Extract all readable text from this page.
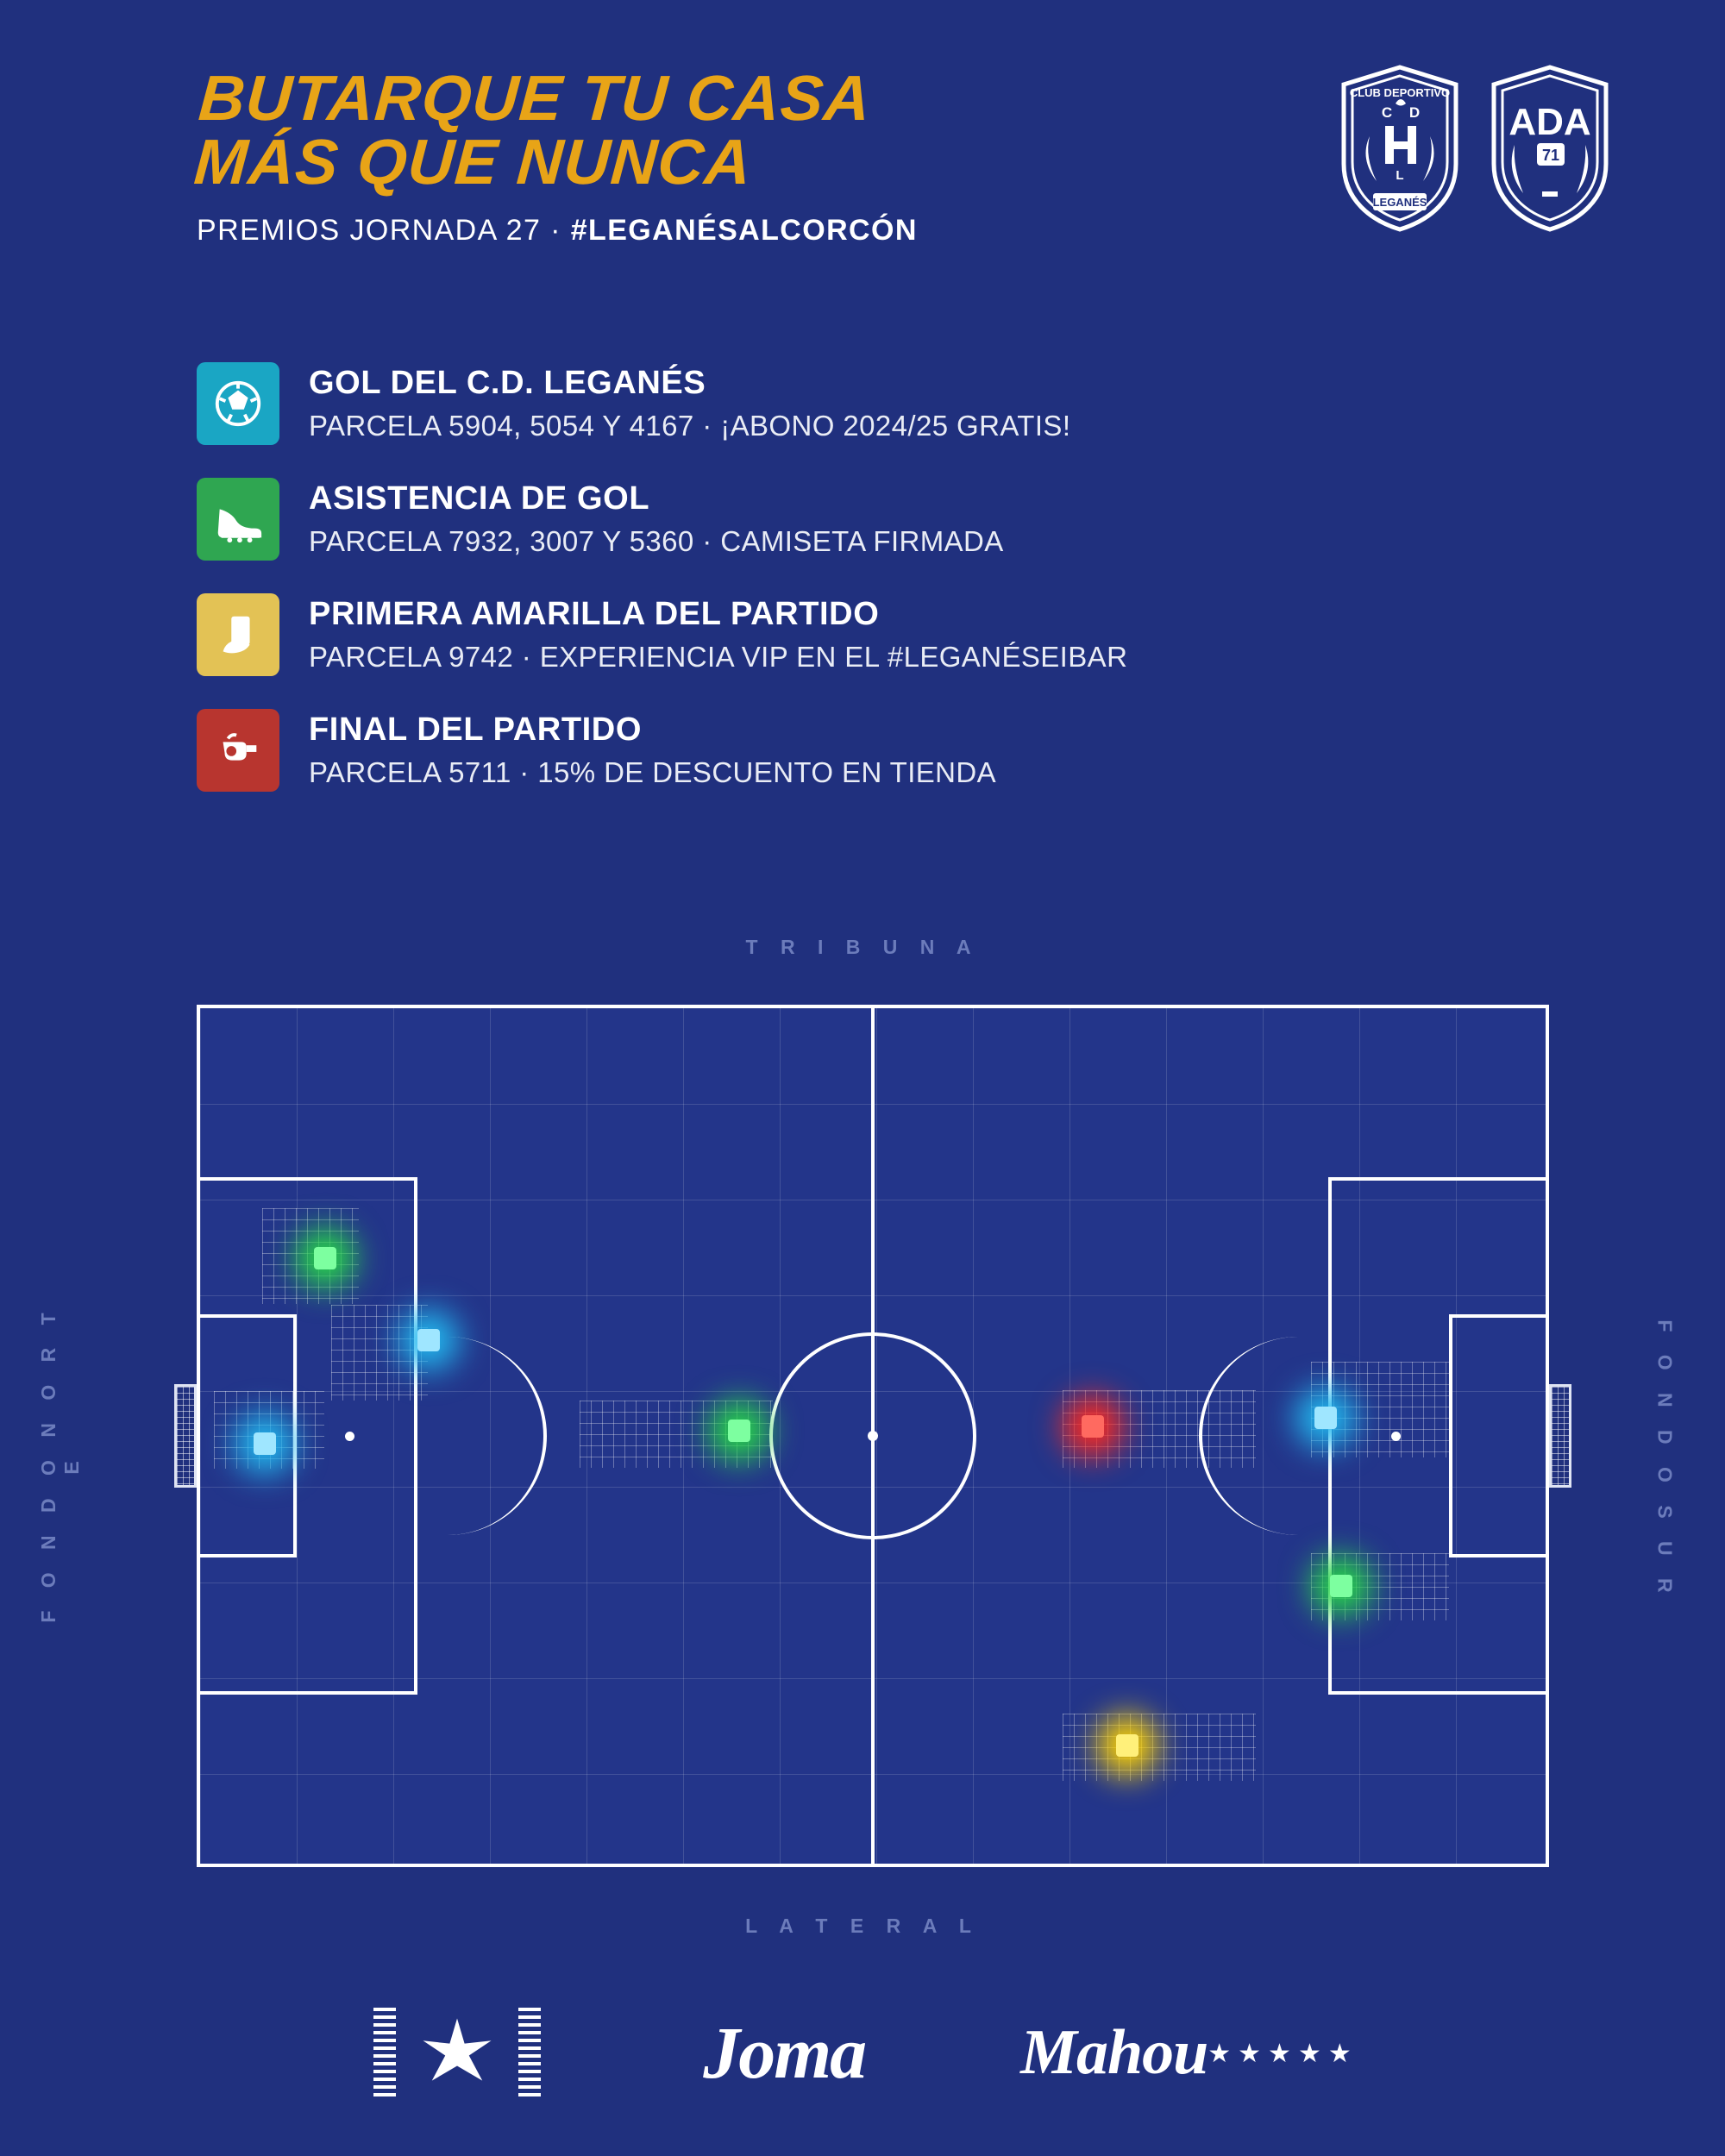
BUTARQUE TU CASA
MÁS QUE NUNCA
PREMIOS JORNADA 27 · #LEGANÉSALCORCÓN
CLUB DEPORTIVO
C D
L
LEGANÉS
ADA
71
GOL DEL C.D. LEGANÉS
PARCELA 5904, 5054 Y 4167 · ¡ABONO 2024/25 GRATIS!
ASISTENCIA DE GOL
PARCELA 7932, 3007 Y 5360 · CAMISETA FIRMADA
PRIMERA AMARILLA DEL PARTIDO
PARCELA 9742 · EXPERIENCIA VIP EN EL #LEGANÉSEIBAR
FINAL DEL PARTIDO
PARCELA 5711 · 15% DE DESCUENTO EN TIENDA
T R I B U N A
L A T E R A L
F O N D O N O R T E	F O N D O S U R
Joma Mahou ★★★★★
